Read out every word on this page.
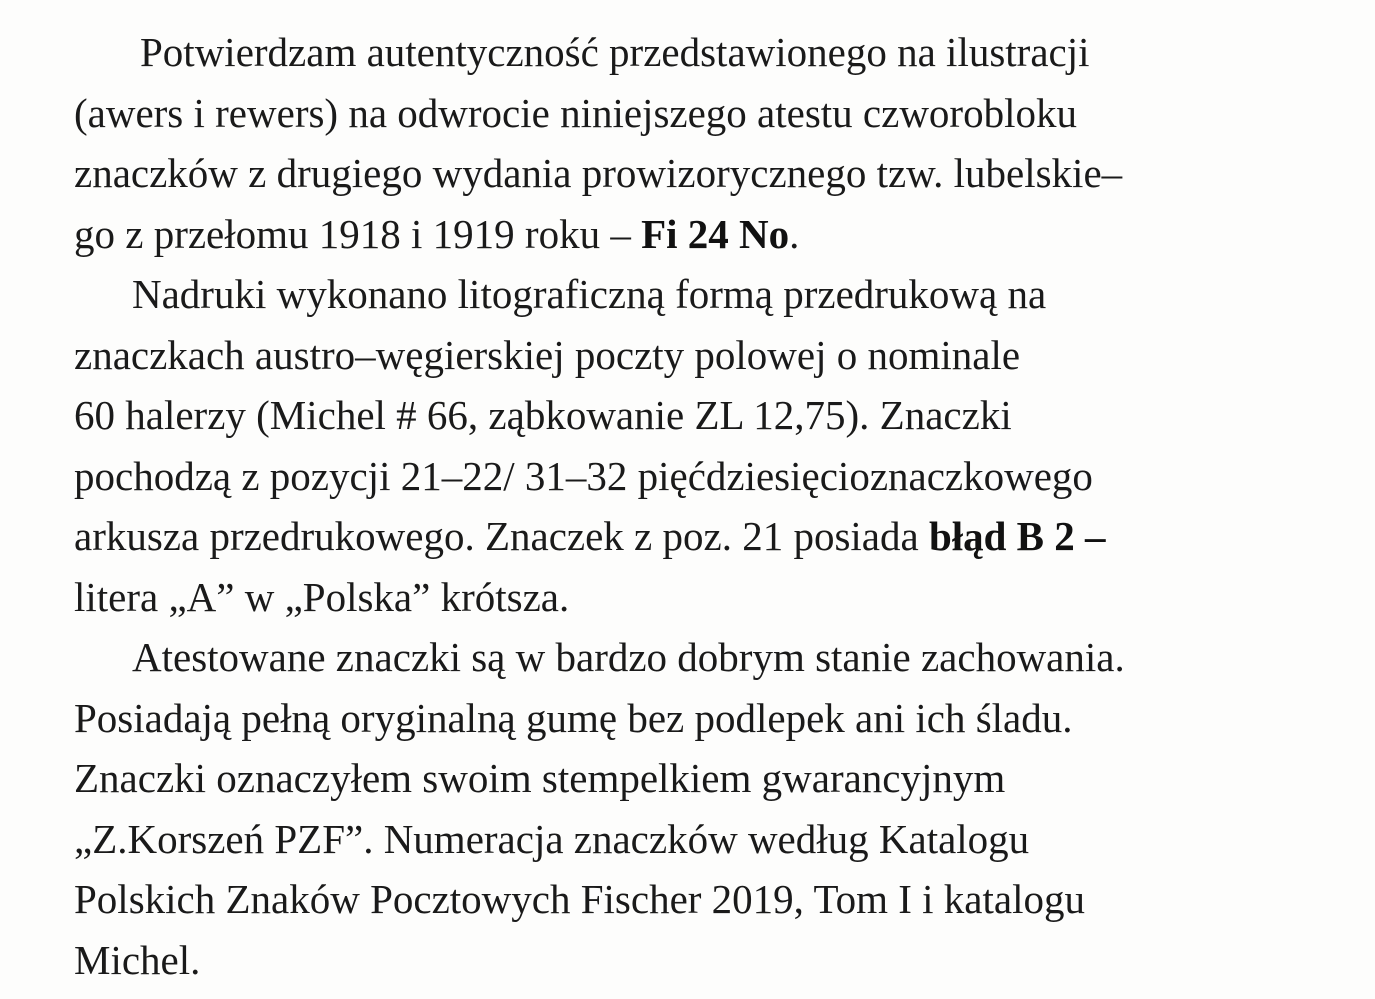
Potwierdzam autentyczność przedstawionego na ilustracji
(awers i rewers) na odwrocie niniejszego atestu czworobloku
znaczków z drugiego wydania prowizorycznego tzw. lubelskie–
go z przełomu 1918 i 1919 roku – Fi 24 No.
Nadruki wykonano litograficzną formą przedrukową na
znaczkach austro–węgierskiej poczty polowej o nominale
60 halerzy (Michel # 66, ząbkowanie ZL 12,75). Znaczki
pochodzą z pozycji 21–22/ 31–32 pięćdziesięcioznaczkowego
arkusza przedrukowego. Znaczek z poz. 21 posiada błąd B 2 –
litera „A” w „Polska” krótsza.
Atestowane znaczki są w bardzo dobrym stanie zachowania.
Posiadają pełną oryginalną gumę bez podlepek ani ich śladu.
Znaczki oznaczyłem swoim stempelkiem gwarancyjnym
„Z.Korszeń PZF”. Numeracja znaczków według Katalogu
Polskich Znaków Pocztowych Fischer 2019, Tom I i katalogu
Michel.
